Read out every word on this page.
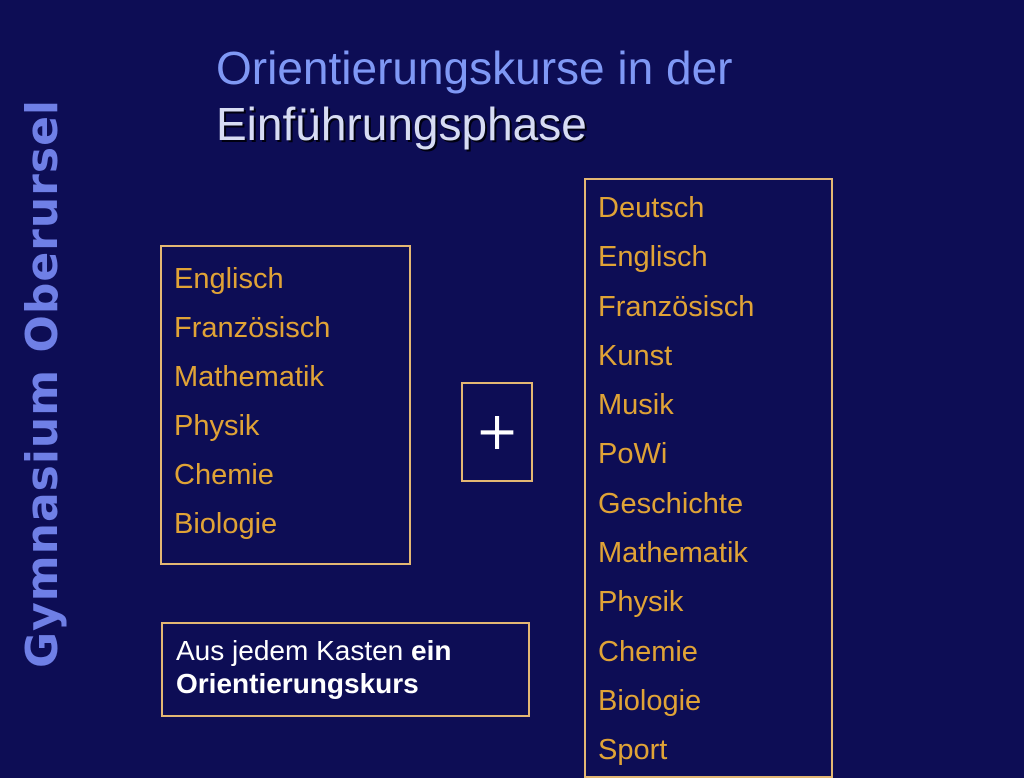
Gymnasium Oberursel
Orientierungskurse in der
Einführungsphase
Englisch
Französisch
Mathematik
Physik
Chemie
Biologie
+
Deutsch
Englisch
Französisch
Kunst
Musik
PoWi
Geschichte
Mathematik
Physik
Chemie
Biologie
Sport
Aus jedem Kasten ein
Orientierungskurs
